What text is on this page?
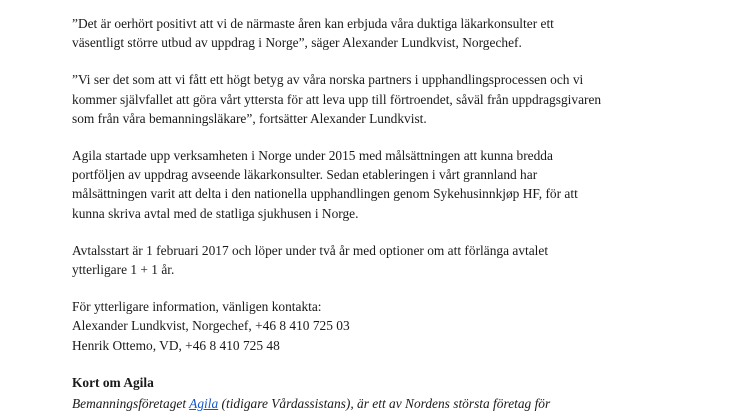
”Det är oerhört positivt att vi de närmaste åren kan erbjuda våra duktiga läkarkonsulter ett
väsentligt större utbud av uppdrag i Norge”, säger Alexander Lundkvist, Norgechef.

”Vi ser det som att vi fått ett högt betyg av våra norska partners i upphandlingsprocessen och vi
kommer självfallet att göra vårt yttersta för att leva upp till förtroendet, såväl från uppdragsgivaren
som från våra bemanningsläkare”, fortsätter Alexander Lundkvist.

Agila startade upp verksamheten i Norge under 2015 med målsättningen att kunna bredda
portföljen av uppdrag avseende läkarkonsulter. Sedan etableringen i vårt grannland har
målsättningen varit att delta i den nationella upphandlingen genom Sykehusinnkjøp HF, för att
kunna skriva avtal med de statliga sjukhusen i Norge.

Avtalsstart är 1 februari 2017 och löper under två år med optioner om att förlänga avtalet
ytterligare 1 + 1 år.

För ytterligare information, vänligen kontakta:
Alexander Lundkvist, Norgechef, +46 8 410 725 03
Henrik Ottemo, VD, +46 8 410 725 48

Kort om Agila

Bemanningsföretaget Agila (tidigare Vårdassistans), är ett av Nordens största företag för
